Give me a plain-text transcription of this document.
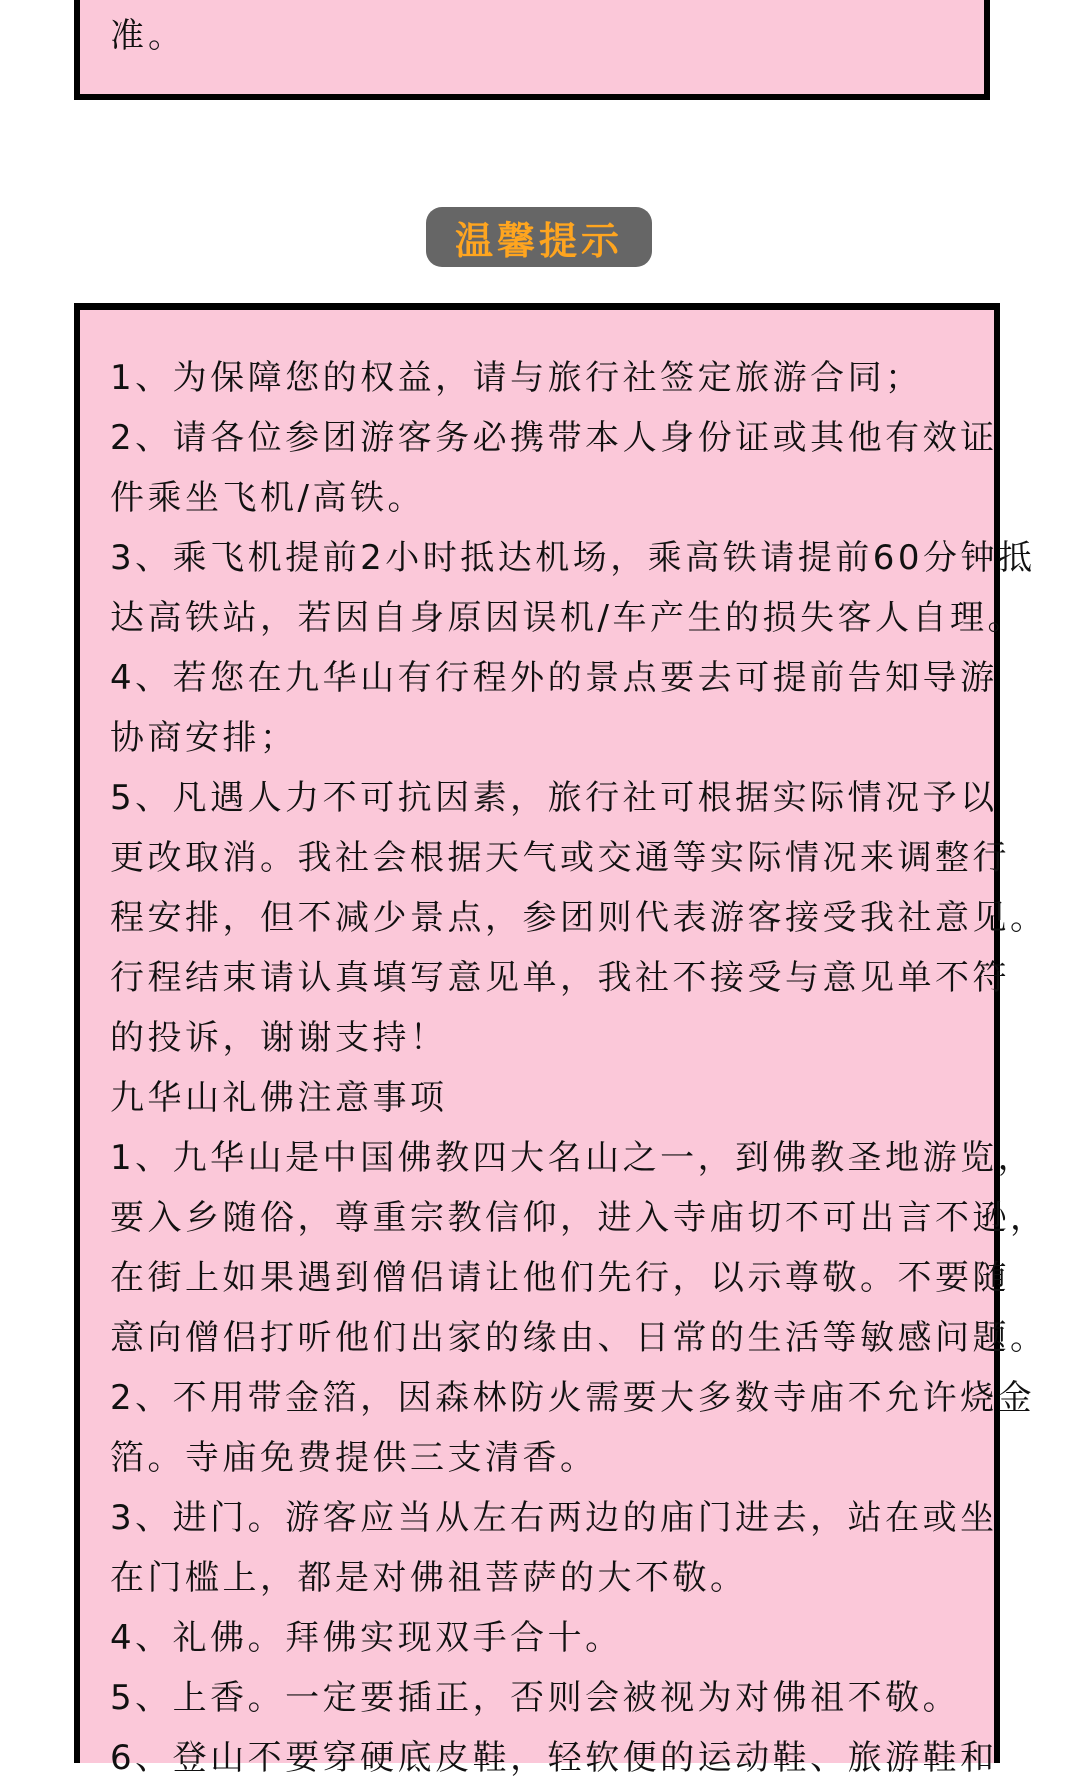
准。
温馨提示
1、为保障您的权益，请与旅行社签定旅游合同；
2、请各位参团游客务必携带本人身份证或其他有效证
件乘坐飞机/高铁。
3、乘飞机提前2小时抵达机场，乘高铁请提前60分钟抵
达高铁站，若因自身原因误机/车产生的损失客人自理。
4、若您在九华山有行程外的景点要去可提前告知导游
协商安排；
5、凡遇人力不可抗因素，旅行社可根据实际情况予以
更改取消。我社会根据天气或交通等实际情况来调整行
程安排，但不减少景点，参团则代表游客接受我社意见。
行程结束请认真填写意见单，我社不接受与意见单不符
的投诉，谢谢支持！
九华山礼佛注意事项
1、九华山是中国佛教四大名山之一，到佛教圣地游览，
要入乡随俗，尊重宗教信仰，进入寺庙切不可出言不逊，
在街上如果遇到僧侣请让他们先行，以示尊敬。不要随
意向僧侣打听他们出家的缘由、日常的生活等敏感问题。
2、不用带金箔，因森林防火需要大多数寺庙不允许烧金
箔。寺庙免费提供三支清香。
3、进门。游客应当从左右两边的庙门进去，站在或坐
在门槛上，都是对佛祖菩萨的大不敬。
4、礼佛。拜佛实现双手合十。
5、上香。一定要插正，否则会被视为对佛祖不敬。
6、登山不要穿硬底皮鞋，轻软便的运动鞋、旅游鞋和
